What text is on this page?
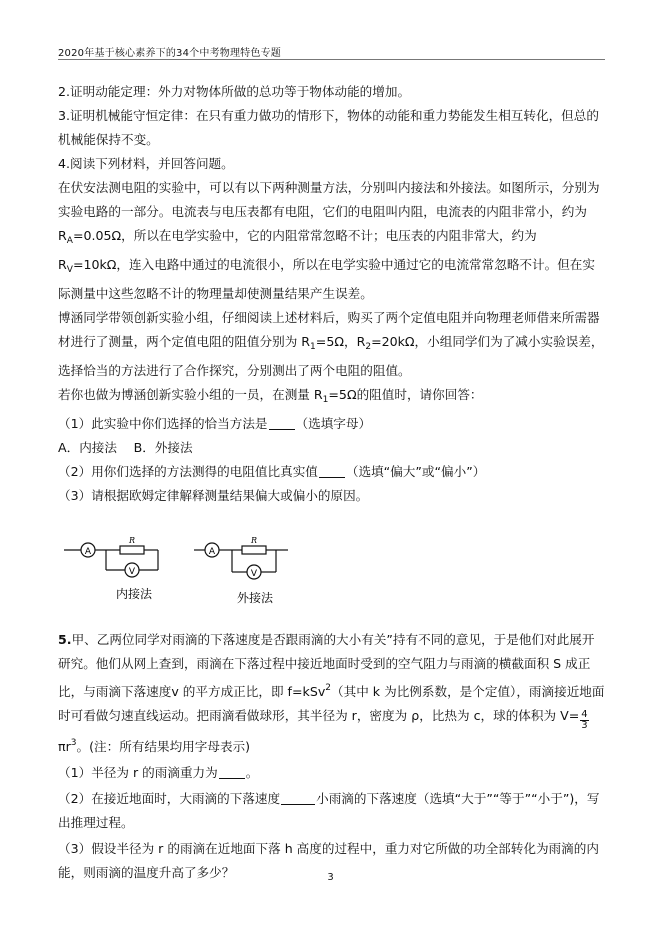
2020年基于核心素养下的34个中考物理特色专题

2.证明动能定理：外力对物体所做的总功等于物体动能的增加。

3.证明机械能守恒定律：在只有重力做功的情形下，物体的动能和重力势能发生相互转化，但总的机械能保持不变。

4.阅读下列材料，并回答问题。

在伏安法测电阻的实验中，可以有以下两种测量方法，分别叫内接法和外接法。如图所示，分别为实验电路的一部分。电流表与电压表都有电阻，它们的电阻叫内阻，电流表的内阻非常小，约为 $R_A=0.05\Omega$，所以在电学实验中，它的内阻常常忽略不计；电压表的内阻非常大，约为 $R_V=10k\Omega$，连入电路中通过的电流很小，所以在电学实验中通过它的电流常常忽略不计。但在实际测量中这些忽略不计的物理量却使测量结果产生误差。

博涵同学带领创新实验小组，仔细阅读上述材料后，购买了两个定值电阻并向物理老师借来所需器材进行了测量，两个定值电阻的阻值分别为 $R_1=5\Omega$，$R_2=20k\Omega$，小组同学们为了减小实验误差，选择恰当的方法进行了合作探究，分别测出了两个电阻的阻值。

若你也做为博涵创新实验小组的一员，在测量 $R_1=5\Omega$的阻值时，请你回答：

（1）此实验中你们选择的恰当方法是 （选填字母）

A．内接法　 B．外接法

（2）用你们选择的方法测得的电阻值比真实值 （选填“偏大”或“偏小”）

（3）请根据欧姆定律解释测量结果偏大或偏小的原因。

5.甲、乙两位同学对雨滴的下落速度是否跟雨滴的大小有关”持有不同的意见，于是他们对此展开研究。他们从网上查到，雨滴在下落过程中接近地面时受到的空气阻力与雨滴的横截面积 S 成正比，与雨滴下落速度v 的平方成正比，即 f=kSv$^2$（其中 k 为比例系数，是个定值），雨滴接近地面时可看做匀速直线运动。把雨滴看做球形，其半径为 r，密度为 ρ，比热为 c，球的体积为 $V= \frac{4}{3}$
$\pi r^3$。(注：所有结果均用字母表示)

（1）半径为 r 的雨滴重力为 。

（2）在接近地面时，大雨滴的下落速度	小雨滴的下落速度（选填“大于”“等于”“小于”)，写出推理过程。

（3）假设半径为 r 的雨滴在近地面下落 h 高度的过程中，重力对它所做的功全部转化为雨滴的内能，则雨滴的温度升高了多少？

A
R
V
内接法
A
R
V
外接法
3
